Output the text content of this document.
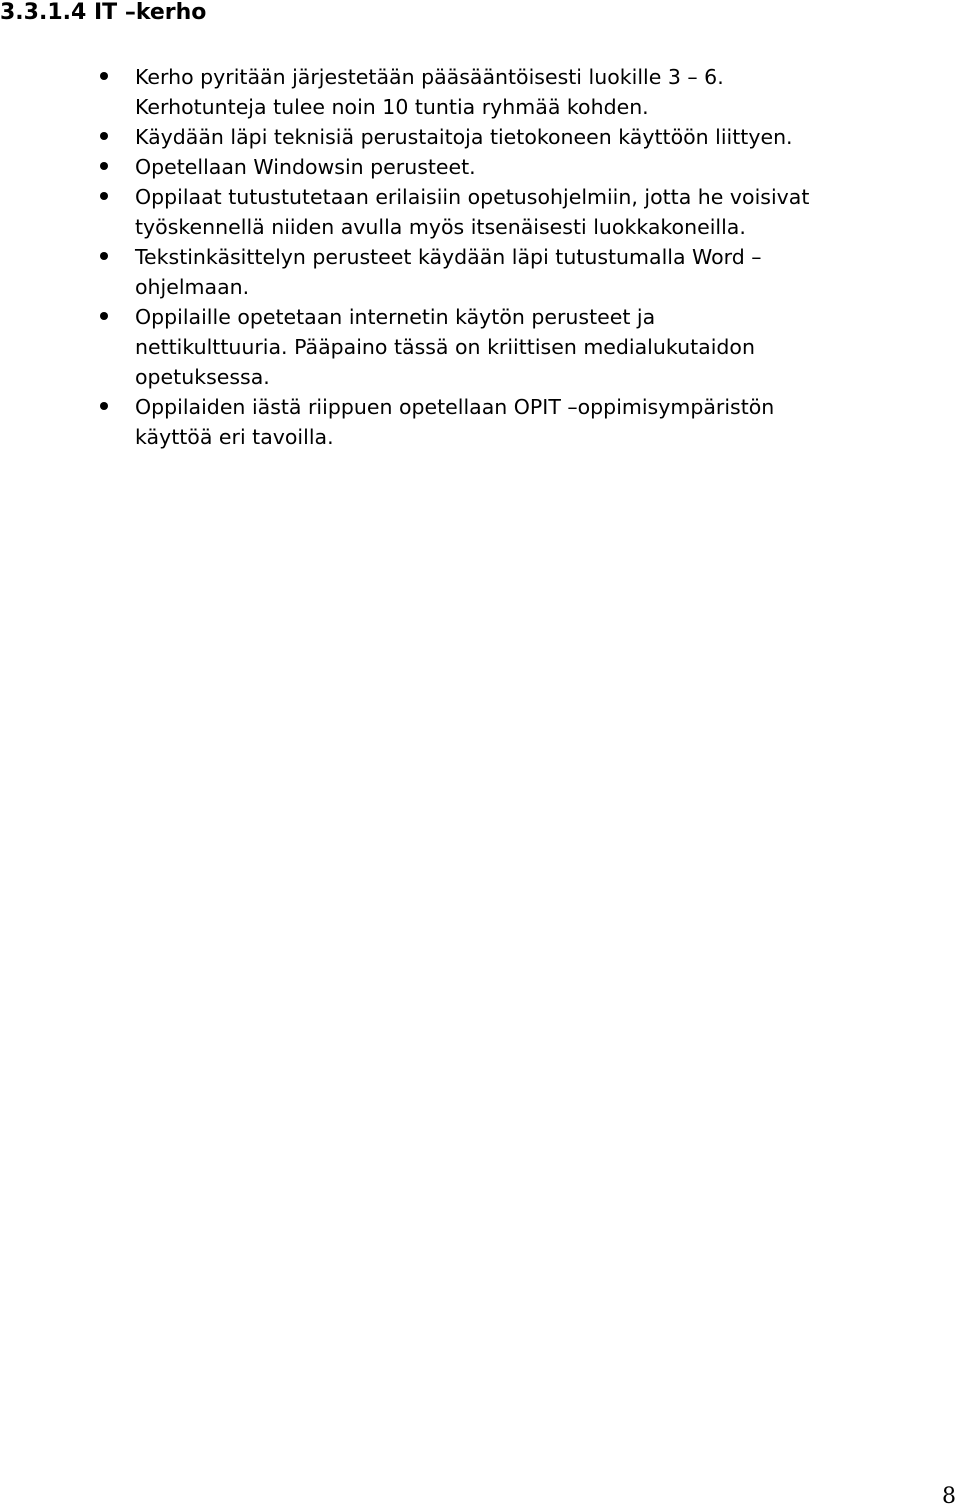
3.3.1.4 IT –kerho
Kerho pyritään järjestetään pääsääntöisesti luokille 3 – 6.
Kerhotunteja tulee noin 10 tuntia ryhmää kohden.
Käydään läpi teknisiä perustaitoja tietokoneen käyttöön liittyen.
Opetellaan Windowsin perusteet.
Oppilaat tutustutetaan erilaisiin opetusohjelmiin, jotta he voisivat
työskennellä niiden avulla myös itsenäisesti luokkakoneilla.
Tekstinkäsittelyn perusteet käydään läpi tutustumalla Word –
ohjelmaan.
Oppilaille opetetaan internetin käytön perusteet ja
nettikulttuuria. Pääpaino tässä on kriittisen medialukutaidon
opetuksessa.
Oppilaiden iästä riippuen opetellaan OPIT –oppimisympäristön
käyttöä eri tavoilla.
8
